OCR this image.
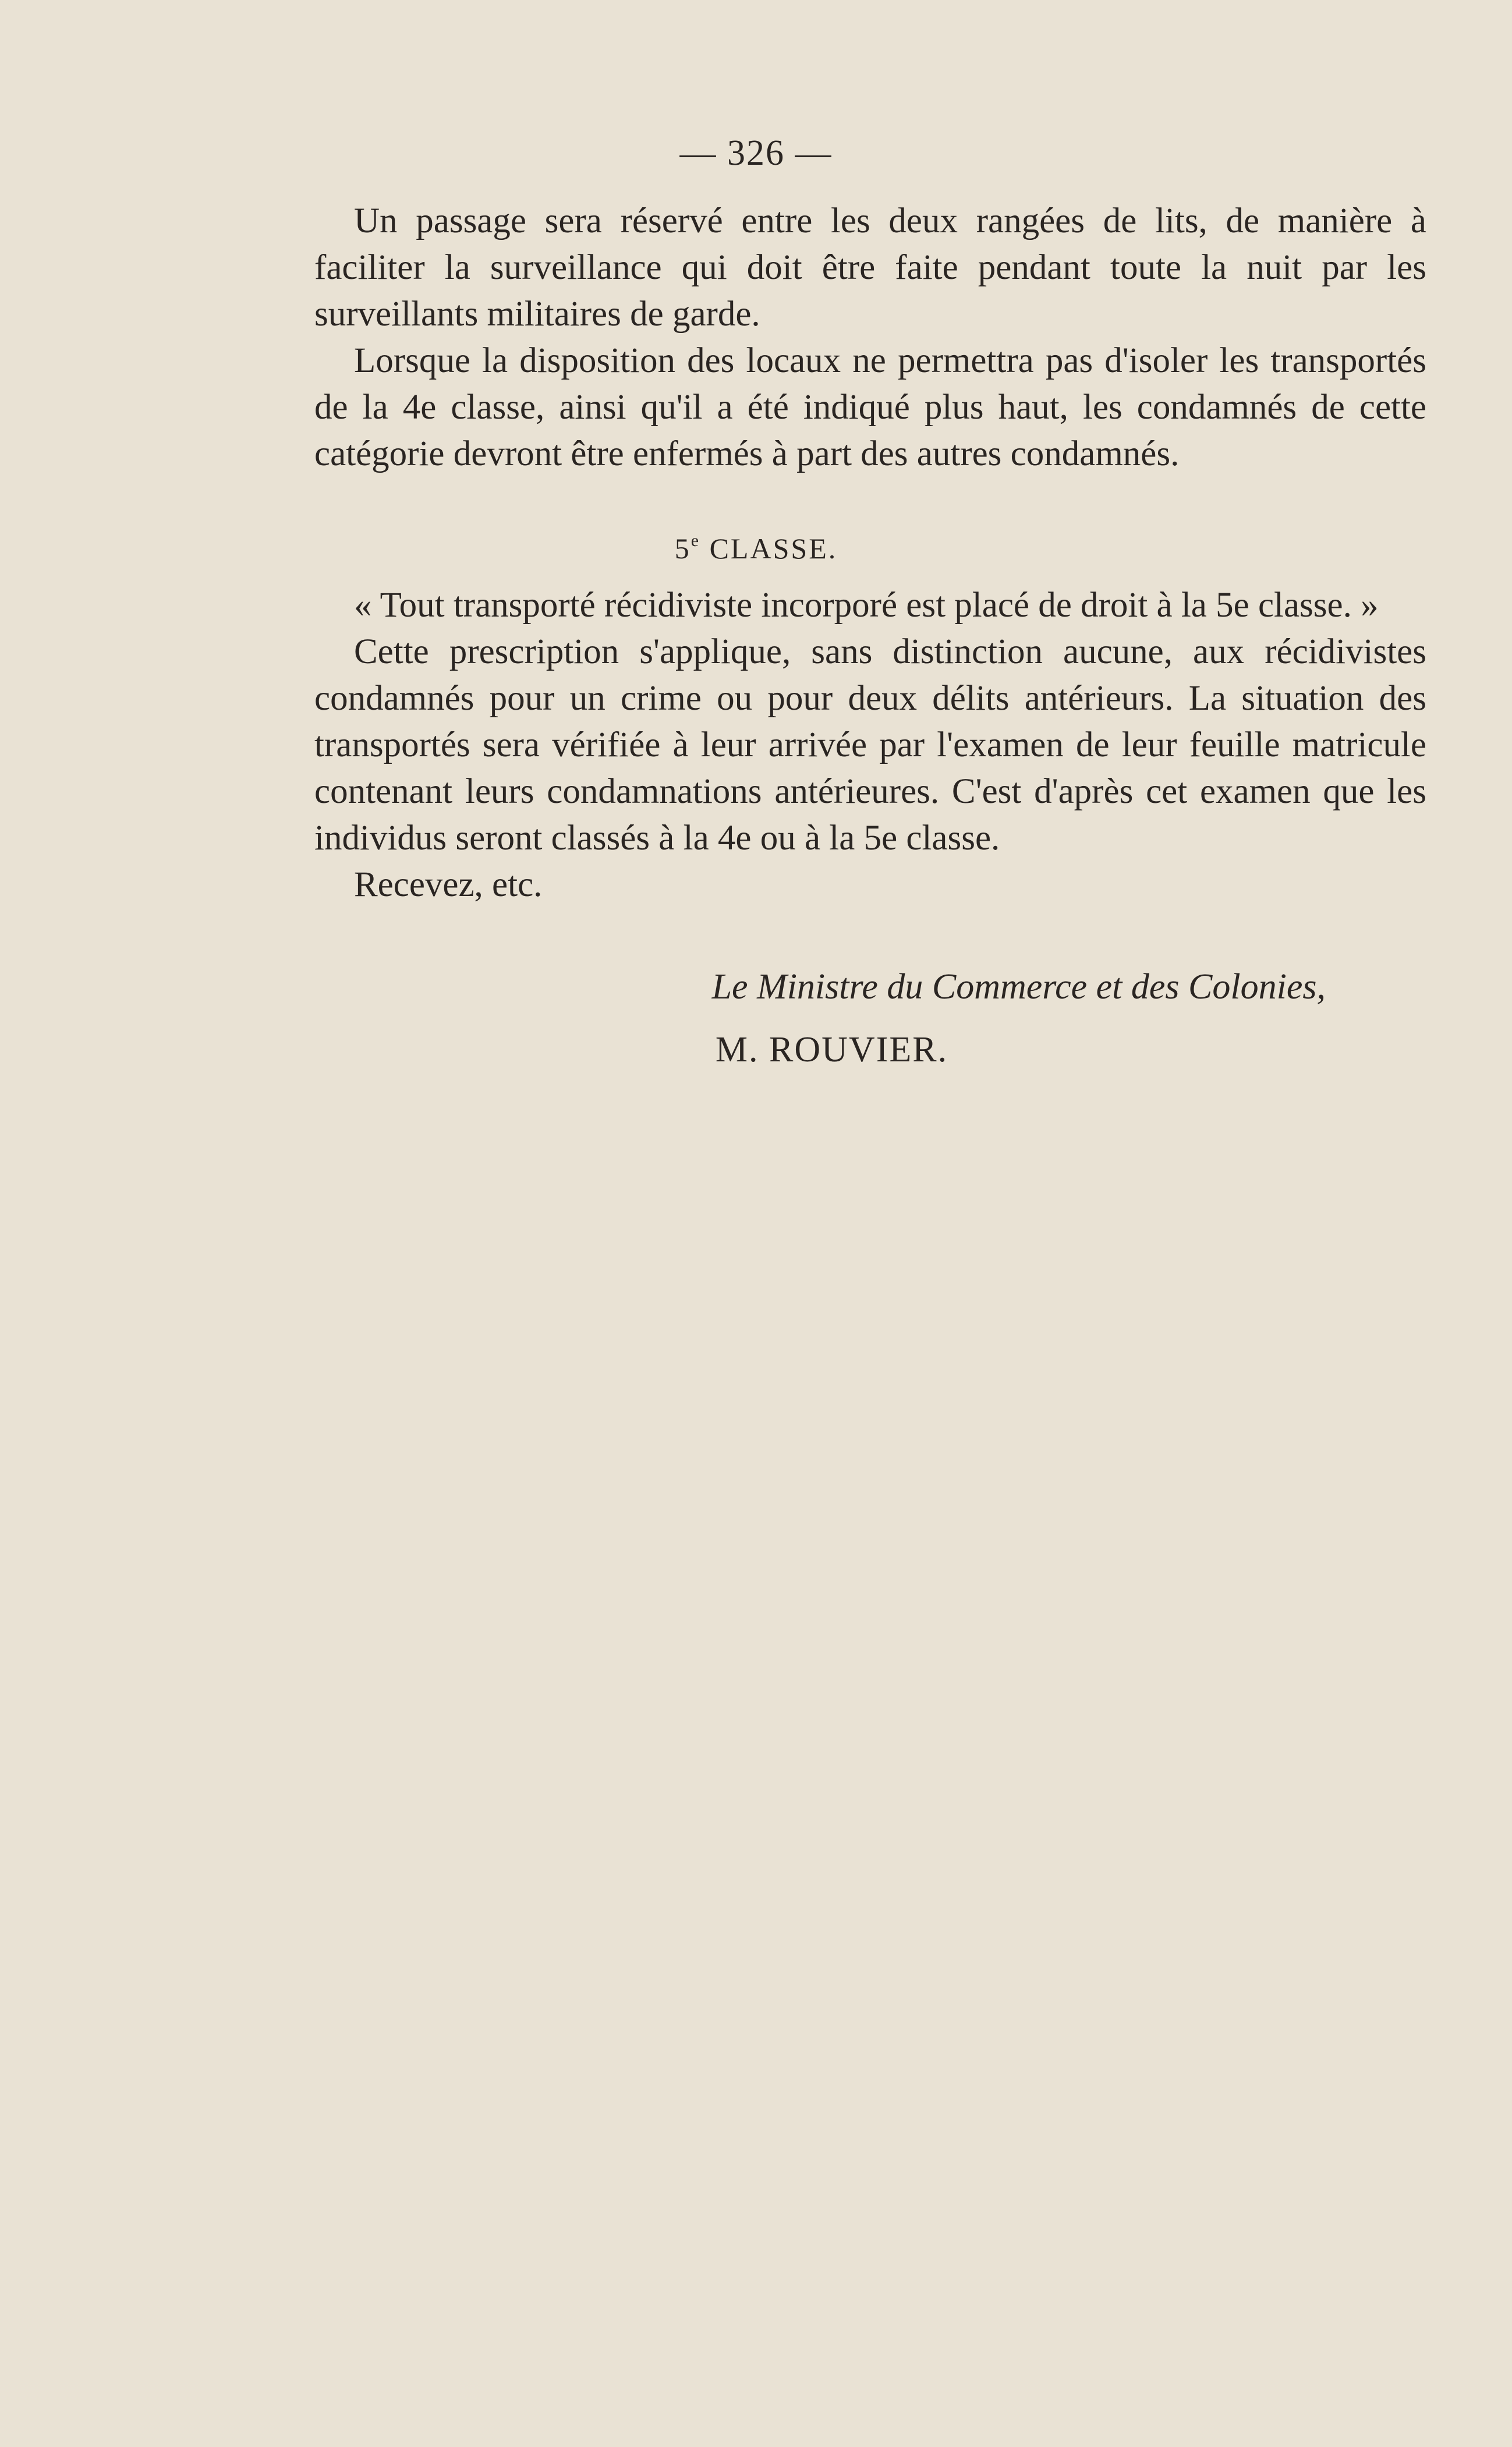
— 326 —

Un passage sera réservé entre les deux rangées de lits, de manière à faciliter la surveillance qui doit être faite pendant toute la nuit par les surveillants militaires de garde.

Lorsque la disposition des locaux ne permettra pas d'isoler les transportés de la 4e classe, ainsi qu'il a été indiqué plus haut, les condamnés de cette catégorie devront être enfermés à part des autres condamnés.

5e CLASSE.

« Tout transporté récidiviste incorporé est placé de droit à la 5e classe. »

Cette prescription s'applique, sans distinction aucune, aux récidivistes condamnés pour un crime ou pour deux délits antérieurs. La situation des transportés sera vérifiée à leur arrivée par l'examen de leur feuille matricule contenant leurs condamnations antérieures. C'est d'après cet examen que les individus seront classés à la 4e ou à la 5e classe.

Recevez, etc.

Le Ministre du Commerce et des Colonies,
M. ROUVIER.
